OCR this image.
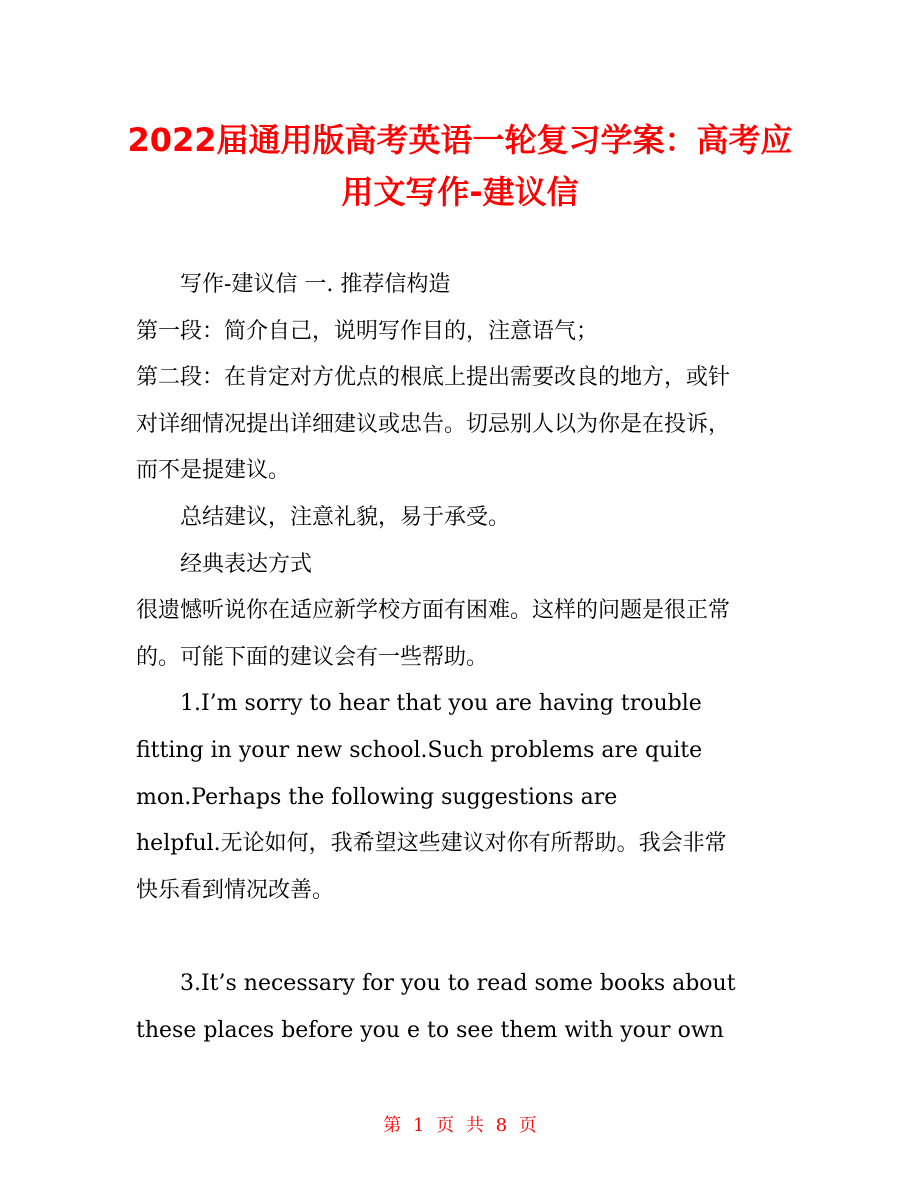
2022届通用版高考英语一轮复习学案：高考应
用文写作-建议信
写作-建议信 一. 推荐信构造
第一段：简介自己，说明写作目的，注意语气；
第二段：在肯定对方优点的根底上提出需要改良的地方，或针
对详细情况提出详细建议或忠告。切忌别人以为你是在投诉，
而不是提建议。
总结建议，注意礼貌，易于承受。
经典表达方式
很遗憾听说你在适应新学校方面有困难。这样的问题是很正常
的。可能下面的建议会有一些帮助。
1.I’m sorry to hear that you are having trouble
fitting in your new school.Such problems are quite
mon.Perhaps the following suggestions are
helpful.无论如何，我希望这些建议对你有所帮助。我会非常
快乐看到情况改善。
3.It’s necessary for you to read some books about
these places before you e to see them with your own
第 1 页 共 8 页
